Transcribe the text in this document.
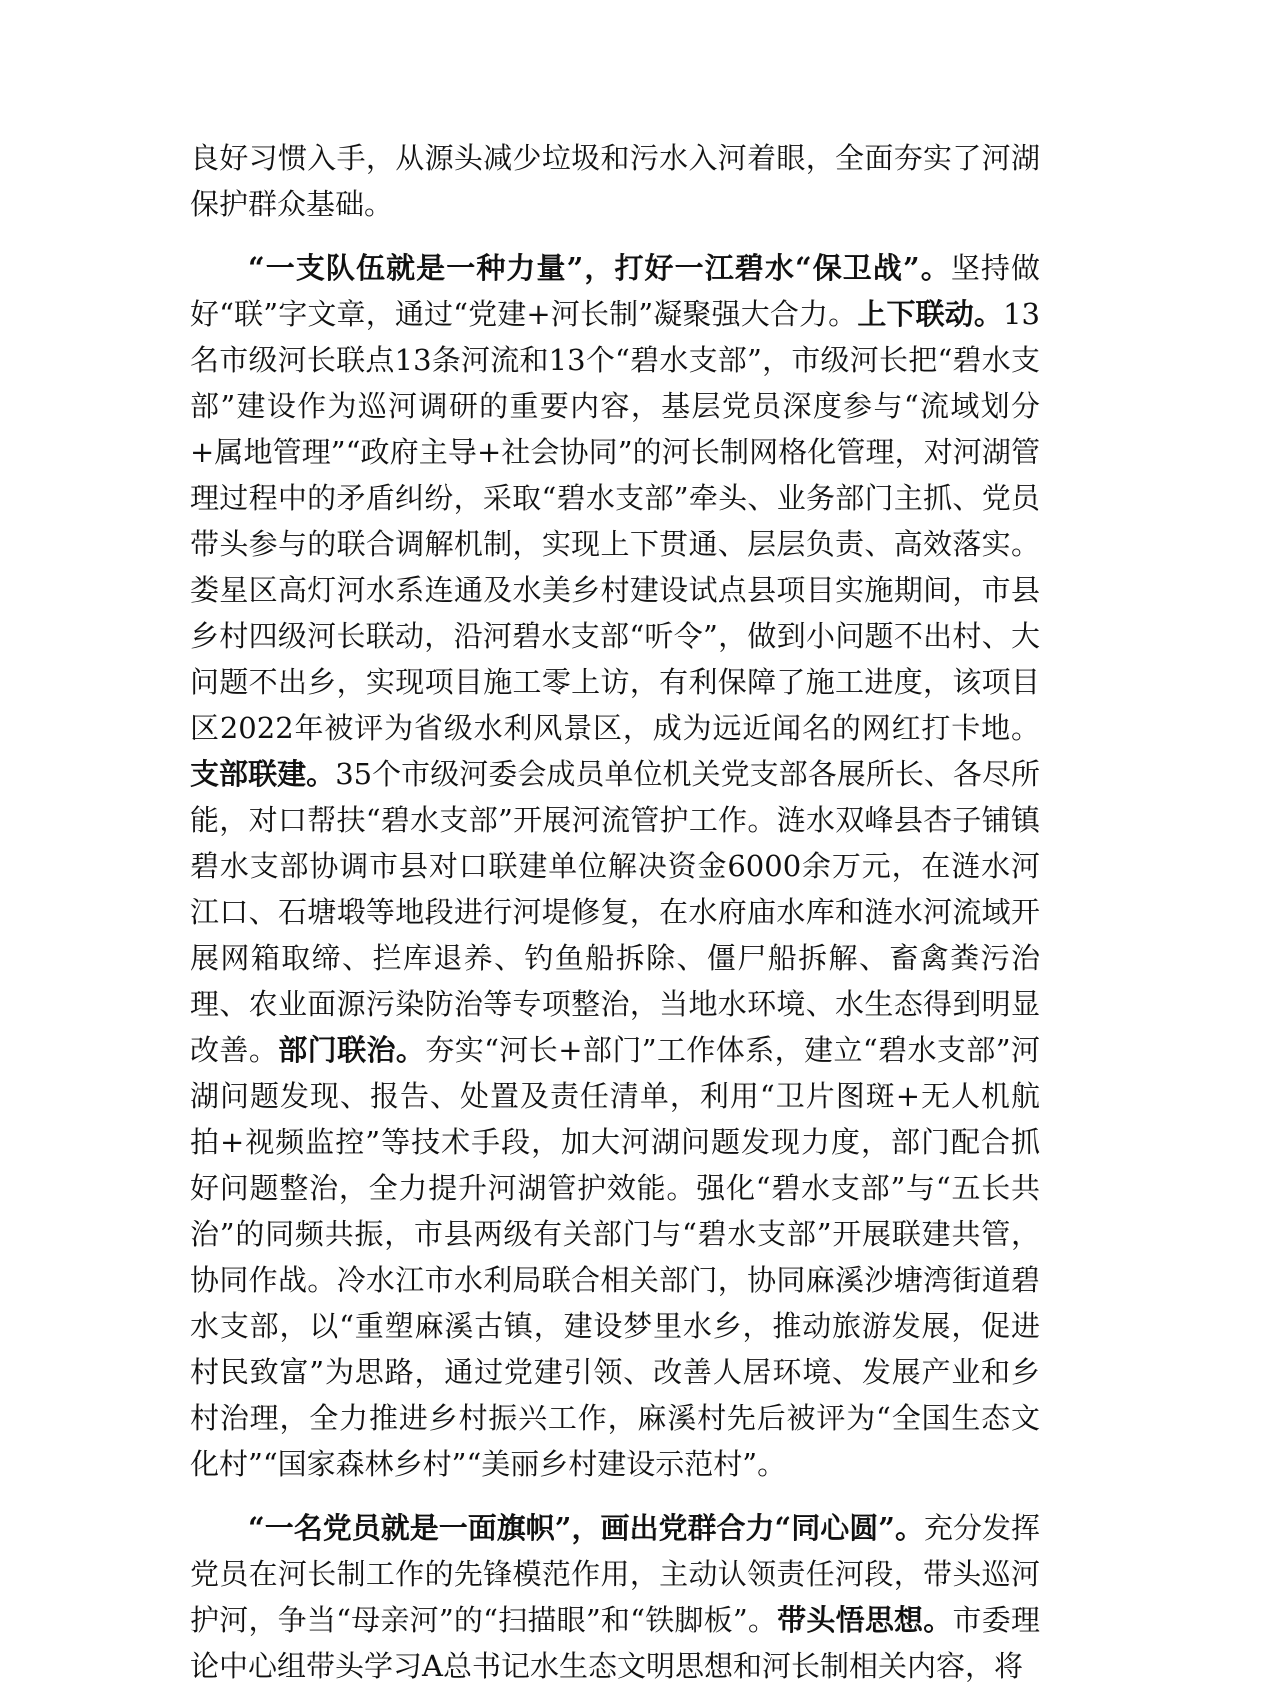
良好习惯入手，从源头减少垃圾和污水入河着眼，全面夯实了河湖保护群众基础。

“一支队伍就是一种力量”，打好一江碧水“保卫战”。坚持做好“联”字文章，通过“党建+河长制”凝聚强大合力。上下联动。13名市级河长联点13条河流和13个“碧水支部”，市级河长把“碧水支部”建设作为巡河调研的重要内容，基层党员深度参与“流域划分+属地管理”“政府主导+社会协同”的河长制网格化管理，对河湖管理过程中的矛盾纠纷，采取“碧水支部”牵头、业务部门主抓、党员带头参与的联合调解机制，实现上下贯通、层层负责、高效落实。娄星区高灯河水系连通及水美乡村建设试点县项目实施期间，市县乡村四级河长联动，沿河碧水支部“听令”，做到小问题不出村、大问题不出乡，实现项目施工零上访，有利保障了施工进度，该项目区2022年被评为省级水利风景区，成为远近闻名的网红打卡地。支部联建。35个市级河委会成员单位机关党支部各展所长、各尽所能，对口帮扶“碧水支部”开展河流管护工作。涟水双峰县杏子铺镇碧水支部协调市县对口联建单位解决资金6000余万元，在涟水河江口、石塘塅等地段进行河堤修复，在水府庙水库和涟水河流域开展网箱取缔、拦库退养、钓鱼船拆除、僵尸船拆解、畜禽粪污治理、农业面源污染防治等专项整治，当地水环境、水生态得到明显改善。部门联治。夯实“河长+部门”工作体系，建立“碧水支部”河湖问题发现、报告、处置及责任清单，利用“卫片图斑+无人机航拍+视频监控”等技术手段，加大河湖问题发现力度，部门配合抓好问题整治，全力提升河湖管护效能。强化“碧水支部”与“五长共治”的同频共振，市县两级有关部门与“碧水支部”开展联建共管，协同作战。冷水江市水利局联合相关部门，协同麻溪沙塘湾街道碧水支部，以“重塑麻溪古镇，建设梦里水乡，推动旅游发展，促进村民致富”为思路，通过党建引领、改善人居环境、发展产业和乡村治理，全力推进乡村振兴工作，麻溪村先后被评为“全国生态文化村”“国家森林乡村”“美丽乡村建设示范村”。

“一名党员就是一面旗帜”，画出党群合力“同心圆”。充分发挥党员在河长制工作的先锋模范作用，主动认领责任河段，带头巡河护河，争当“母亲河”的“扫描眼”和“铁脚板”。带头悟思想。市委理论中心组带头学习A总书记水生态文明思想和河长制相关内容，将
